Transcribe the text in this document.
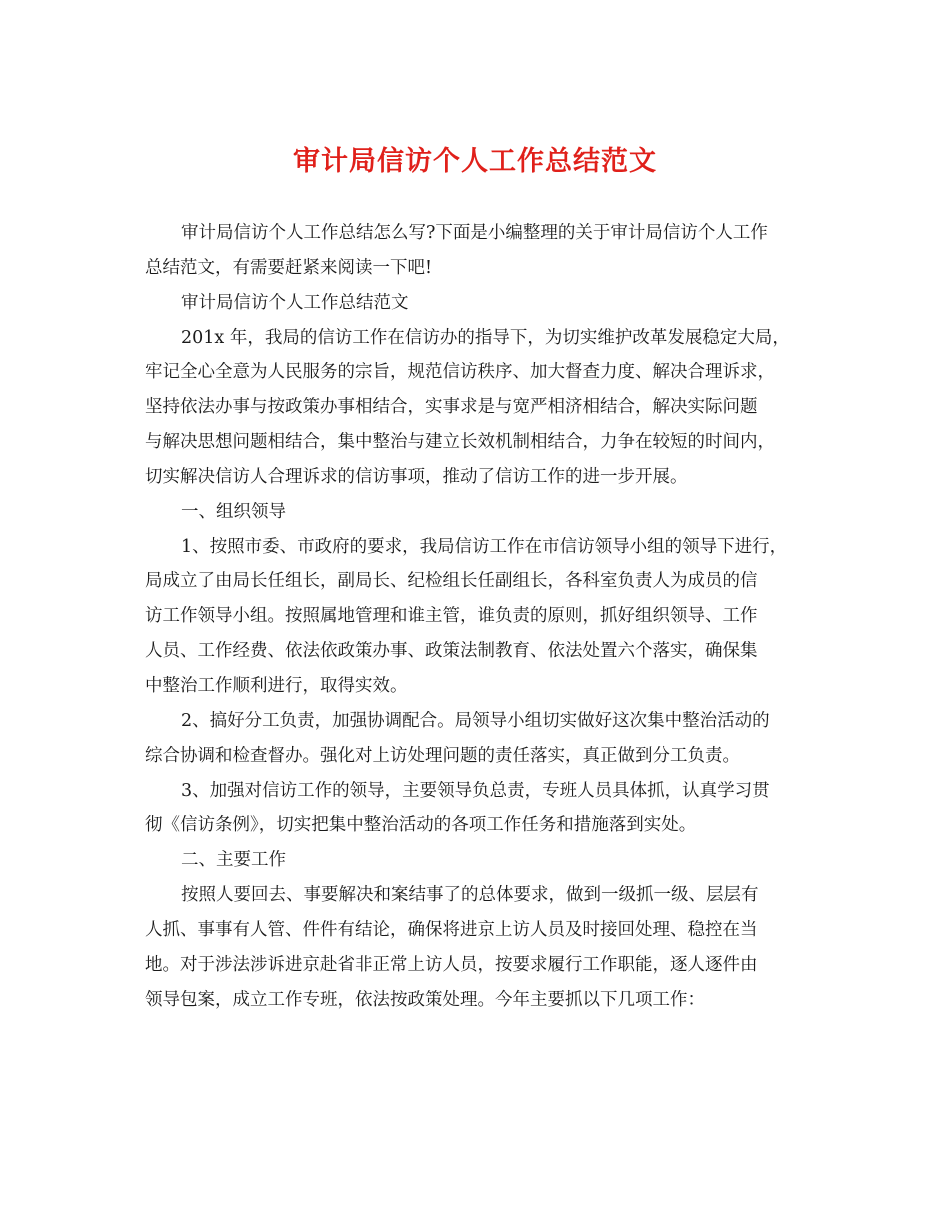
审计局信访个人工作总结范文
审计局信访个人工作总结怎么写?下面是小编整理的关于审计局信访个人工作
总结范文，有需要赶紧来阅读一下吧!
审计局信访个人工作总结范文
201x 年，我局的信访工作在信访办的指导下，为切实维护改革发展稳定大局，
牢记全心全意为人民服务的宗旨，规范信访秩序、加大督查力度、解决合理诉求，
坚持依法办事与按政策办事相结合，实事求是与宽严相济相结合，解决实际问题
与解决思想问题相结合，集中整治与建立长效机制相结合，力争在较短的时间内，
切实解决信访人合理诉求的信访事项，推动了信访工作的进一步开展。
一、组织领导
1、按照市委、市政府的要求，我局信访工作在市信访领导小组的领导下进行，
局成立了由局长任组长，副局长、纪检组长任副组长，各科室负责人为成员的信
访工作领导小组。按照属地管理和谁主管，谁负责的原则，抓好组织领导、工作
人员、工作经费、依法依政策办事、政策法制教育、依法处置六个落实，确保集
中整治工作顺利进行，取得实效。
2、搞好分工负责，加强协调配合。局领导小组切实做好这次集中整治活动的
综合协调和检查督办。强化对上访处理问题的责任落实，真正做到分工负责。
3、加强对信访工作的领导，主要领导负总责，专班人员具体抓，认真学习贯
彻《信访条例》，切实把集中整治活动的各项工作任务和措施落到实处。
二、主要工作
按照人要回去、事要解决和案结事了的总体要求，做到一级抓一级、层层有
人抓、事事有人管、件件有结论，确保将进京上访人员及时接回处理、稳控在当
地。对于涉法涉诉进京赴省非正常上访人员，按要求履行工作职能，逐人逐件由
领导包案，成立工作专班，依法按政策处理。今年主要抓以下几项工作：
